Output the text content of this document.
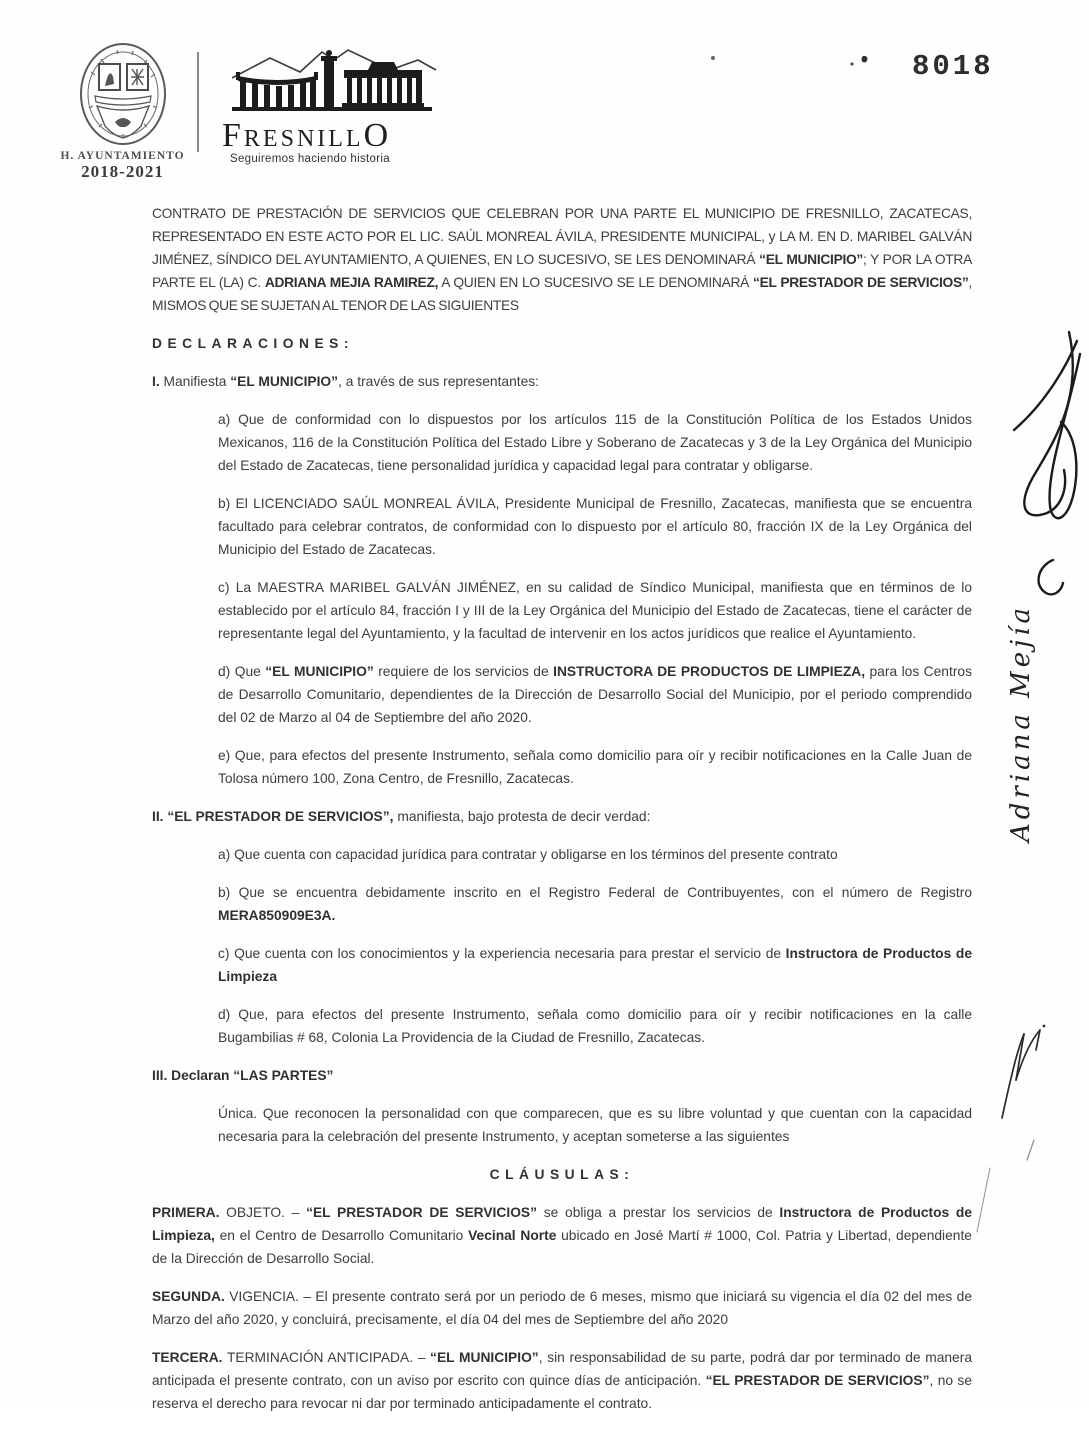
H. AYUNTAMIENTO
2018-2021
FRESNILLO
Seguiremos haciendo historia
8018
CONTRATO DE PRESTACIÓN DE SERVICIOS QUE CELEBRAN POR UNA PARTE EL MUNICIPIO DE FRESNILLO, ZACATECAS, REPRESENTADO EN ESTE ACTO POR EL LIC. SAÚL MONREAL ÁVILA, PRESIDENTE MUNICIPAL, y LA M. EN D. MARIBEL GALVÁN JIMÉNEZ, SÍNDICO DEL AYUNTAMIENTO, A QUIENES, EN LO SUCESIVO, SE LES DENOMINARÁ “EL MUNICIPIO”; Y POR LA OTRA PARTE EL (LA) C. ADRIANA MEJIA RAMIREZ, A QUIEN EN LO SUCESIVO SE LE DENOMINARÁ “EL PRESTADOR DE SERVICIOS”, MISMOS QUE SE SUJETAN AL TENOR DE LAS SIGUIENTES
DECLARACIONES:
I. Manifiesta “EL MUNICIPIO”, a través de sus representantes:
a) Que de conformidad con lo dispuestos por los artículos 115 de la Constitución Política de los Estados Unidos Mexicanos, 116 de la Constitución Política del Estado Libre y Soberano de Zacatecas y 3 de la Ley Orgánica del Municipio del Estado de Zacatecas, tiene personalidad jurídica y capacidad legal para contratar y obligarse.
b) El LICENCIADO SAÚL MONREAL ÁVILA, Presidente Municipal de Fresnillo, Zacatecas, manifiesta que se encuentra facultado para celebrar contratos, de conformidad con lo dispuesto por el artículo 80, fracción IX de la Ley Orgánica del Municipio del Estado de Zacatecas.
c) La MAESTRA MARIBEL GALVÁN JIMÉNEZ, en su calidad de Síndico Municipal, manifiesta que en términos de lo establecido por el artículo 84, fracción I y III de la Ley Orgánica del Municipio del Estado de Zacatecas, tiene el carácter de representante legal del Ayuntamiento, y la facultad de intervenir en los actos jurídicos que realice el Ayuntamiento.
d) Que “EL MUNICIPIO” requiere de los servicios de INSTRUCTORA DE PRODUCTOS DE LIMPIEZA, para los Centros de Desarrollo Comunitario, dependientes de la Dirección de Desarrollo Social del Municipio, por el periodo comprendido del 02 de Marzo al 04 de Septiembre del año 2020.
e) Que, para efectos del presente Instrumento, señala como domicilio para oír y recibir notificaciones en la Calle Juan de Tolosa número 100, Zona Centro, de Fresnillo, Zacatecas.
II. “EL PRESTADOR DE SERVICIOS”, manifiesta, bajo protesta de decir verdad:
a) Que cuenta con capacidad jurídica para contratar y obligarse en los términos del presente contrato
b) Que se encuentra debidamente inscrito en el Registro Federal de Contribuyentes, con el número de Registro MERA850909E3A.
c) Que cuenta con los conocimientos y la experiencia necesaria para prestar el servicio de Instructora de Productos de Limpieza
d) Que, para efectos del presente Instrumento, señala como domicilio para oír y recibir notificaciones en la calle Bugambilias # 68, Colonia La Providencia de la Ciudad de Fresnillo, Zacatecas.
III. Declaran “LAS PARTES”
Única. Que reconocen la personalidad con que comparecen, que es su libre voluntad y que cuentan con la capacidad necesaria para la celebración del presente Instrumento, y aceptan someterse a las siguientes
CLÁUSULAS:
PRIMERA. OBJETO. – “EL PRESTADOR DE SERVICIOS” se obliga a prestar los servicios de Instructora de Productos de Limpieza, en el Centro de Desarrollo Comunitario Vecinal Norte ubicado en José Martí # 1000, Col. Patria y Libertad, dependiente de la Dirección de Desarrollo Social.
SEGUNDA. VIGENCIA. – El presente contrato será por un periodo de 6 meses, mismo que iniciará su vigencia el día 02 del mes de Marzo del año 2020, y concluirá, precisamente, el día 04 del mes de Septiembre del año 2020
TERCERA. TERMINACIÓN ANTICIPADA. – “EL MUNICIPIO”, sin responsabilidad de su parte, podrá dar por terminado de manera anticipada el presente contrato, con un aviso por escrito con quince días de anticipación. “EL PRESTADOR DE SERVICIOS”, no se reserva el derecho para revocar ni dar por terminado anticipadamente el contrato.
Adriana Mejía
